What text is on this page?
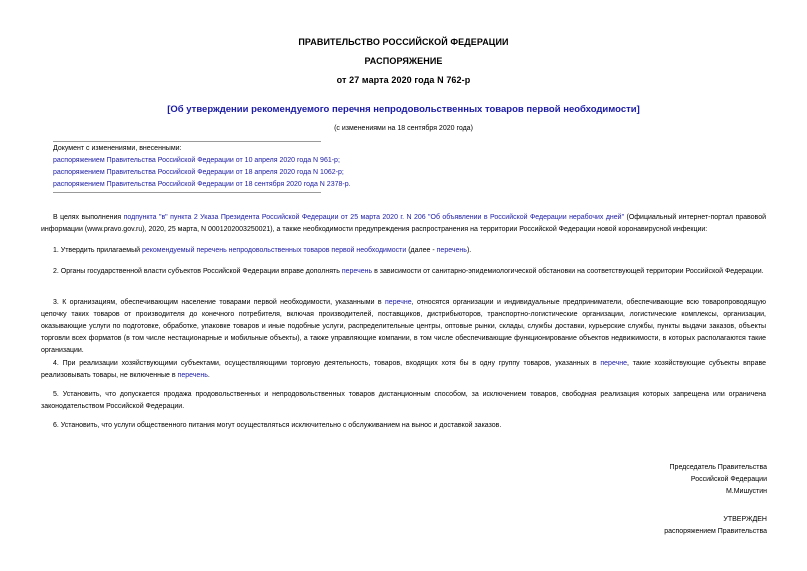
ПРАВИТЕЛЬСТВО РОССИЙСКОЙ ФЕДЕРАЦИИ
РАСПОРЯЖЕНИЕ
от 27 марта 2020 года N 762-р
[Об утверждении рекомендуемого перечня непродовольственных товаров первой необходимости]
(с изменениями на 18 сентября 2020 года)
Документ с изменениями, внесенными:
распоряжением Правительства Российской Федерации от 10 апреля 2020 года N 961-р;
распоряжением Правительства Российской Федерации от 18 апреля 2020 года N 1062-р;
распоряжением Правительства Российской Федерации от 18 сентября 2020 года N 2378-р.
В целях выполнения подпункта "в" пункта 2 Указа Президента Российской Федерации от 25 марта 2020 г. N 206 "Об объявлении в Российской Федерации нерабочих дней" (Официальный интернет-портал правовой информации (www.pravo.gov.ru), 2020, 25 марта, N 0001202003250021), а также необходимости предупреждения распространения на территории Российской Федерации новой коронавирусной инфекции:
1. Утвердить прилагаемый рекомендуемый перечень непродовольственных товаров первой необходимости (далее - перечень).
2. Органы государственной власти субъектов Российской Федерации вправе дополнять перечень в зависимости от санитарно-эпидемиологической обстановки на соответствующей территории Российской Федерации.
3. К организациям, обеспечивающим население товарами первой необходимости, указанными в перечне, относятся организации и индивидуальные предприниматели, обеспечивающие всю товаропроводящую цепочку таких товаров от производителя до конечного потребителя, включая производителей, поставщиков, дистрибьюторов, транспортно-логистические организации, логистические комплексы, организации, оказывающие услуги по подготовке, обработке, упаковке товаров и иные подобные услуги, распределительные центры, оптовые рынки, склады, службы доставки, курьерские службы, пункты выдачи заказов, объекты торговли всех форматов (в том числе нестационарные и мобильные объекты), а также управляющие компании, в том числе обеспечивающие функционирование объектов недвижимости, в которых располагаются такие организации.
4. При реализации хозяйствующими субъектами, осуществляющими торговую деятельность, товаров, входящих хотя бы в одну группу товаров, указанных в перечне, такие хозяйствующие субъекты вправе реализовывать товары, не включенные в перечень.
5. Установить, что допускается продажа продовольственных и непродовольственных товаров дистанционным способом, за исключением товаров, свободная реализация которых запрещена или ограничена законодательством Российской Федерации.
6. Установить, что услуги общественного питания могут осуществляться исключительно с обслуживанием на вынос и доставкой заказов.
Председатель Правительства
Российской Федерации
М.Мишустин
УТВЕРЖДЕН
распоряжением Правительства
